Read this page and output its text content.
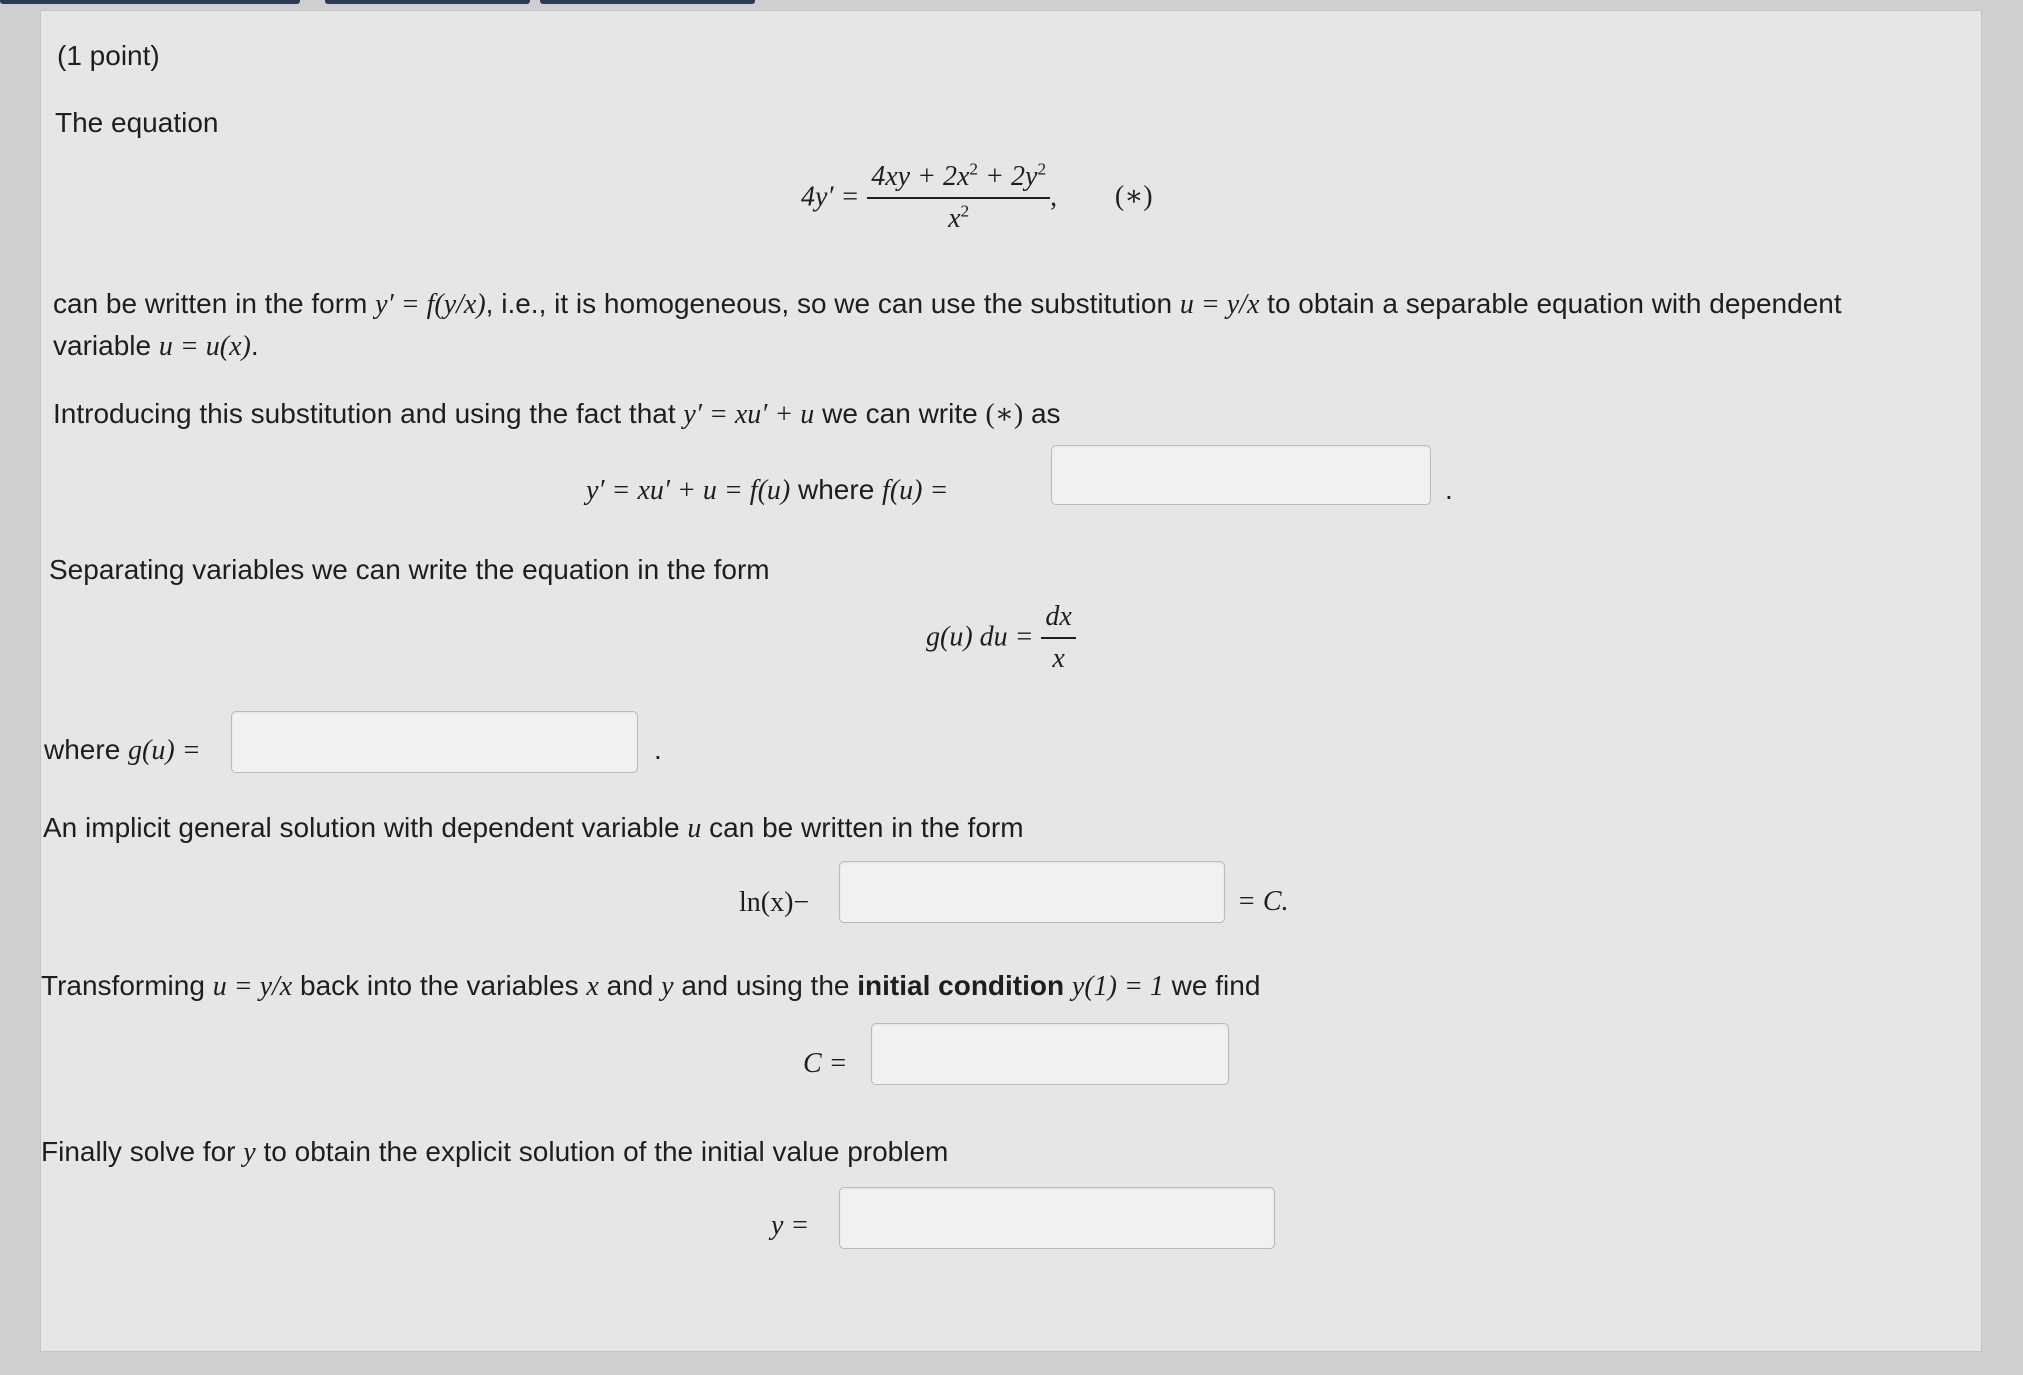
(1 point)
The equation
$4y' = \frac{4xy + 2x^2 + 2y^2}{x^2}$ , (∗)
can be written in the form y′ = f(y/x), i.e., it is homogeneous, so we can use the substitution u = y/x to obtain a separable equation with dependent
variable u = u(x).
Introducing this substitution and using the fact that y′ = xu′ + u we can write (∗) as
y′ = xu′ + u = f(u) where f(u) =	.
Separating variables we can write the equation in the form
g(u) du = $\frac{dx}{x}$
where g(u) =	.
An implicit general solution with dependent variable u can be written in the form
ln(x)−	= C.
Transforming u = y/x back into the variables x and y and using the initial condition y(1) = 1 we find
C =
Finally solve for y to obtain the explicit solution of the initial value problem
y =
